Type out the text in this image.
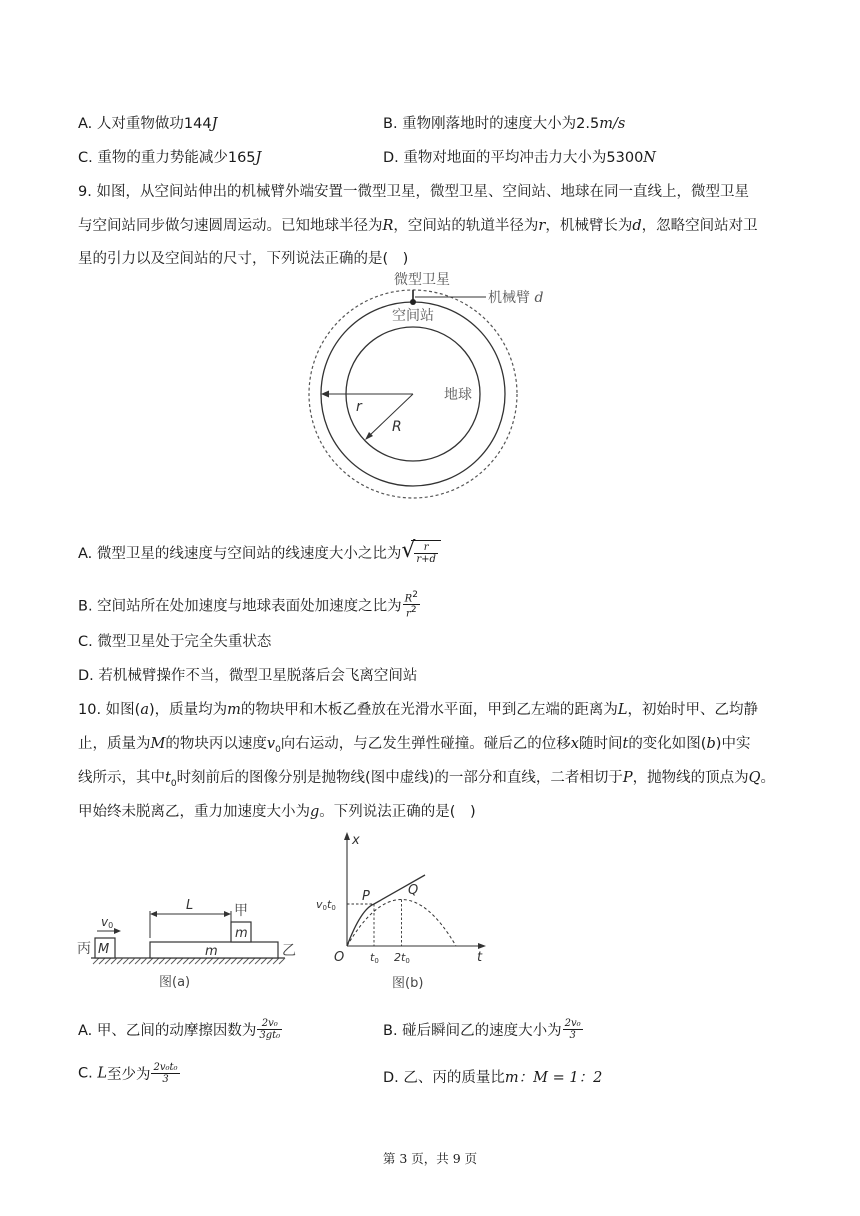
A. 人对重物做功144J	B. 重物刚落地时的速度大小为2.5m/s
C. 重物的重力势能减少165J	D. 重物对地面的平均冲击力大小为5300N
9. 如图，从空间站伸出的机械臂外端安置一微型卫星，微型卫星、空间站、地球在同一直线上，微型卫星
与空间站同步做匀速圆周运动。已知地球半径为R，空间站的轨道半径为r，机械臂长为d，忽略空间站对卫
星的引力以及空间站的尺寸，下列说法正确的是(　)
微型卫星
机械臂 d
空间站
地球
r
R
A. 微型卫星的线速度与空间站的线速度大小之比为 √
$\frac{r}{r+d}$
B. 空间站所在处加速度与地球表面处加速度之比为 $\frac{R^2}{r^2}$
C. 微型卫星处于完全失重状态
D. 若机械臂操作不当，微型卫星脱落后会飞离空间站
10. 如图(a)，质量均为m的物块甲和木板乙叠放在光滑水平面，甲到乙左端的距离为L，初始时甲、乙均静
止，质量为M的物块丙以速度$v_0$向右运动，与乙发生弹性碰撞。碰后乙的位移x随时间t的变化如图(b)中实
线所示，其中$t_0$时刻前后的图像分别是抛物线(图中虚线)的一部分和直线，二者相切于P，抛物线的顶点为Q。
甲始终未脱离乙，重力加速度大小为g。下列说法正确的是(　)
M
丙
v0
m	乙
m
甲
L
图(a)
x
t
O
P	Q
v0t0
t0 2t0
图(b)
A. 甲、乙间的动摩擦因数为 $\frac{\text{2v₀}}{\text{3gt₀}}$	B. 碰后瞬间乙的速度大小为 $\frac{\text{2v₀}}{3}$
C. L至少为 $\frac{\text{2v₀t₀}}{3}$	D. 乙、丙的质量比m：M = 1：2
第 3 页，共 9 页
